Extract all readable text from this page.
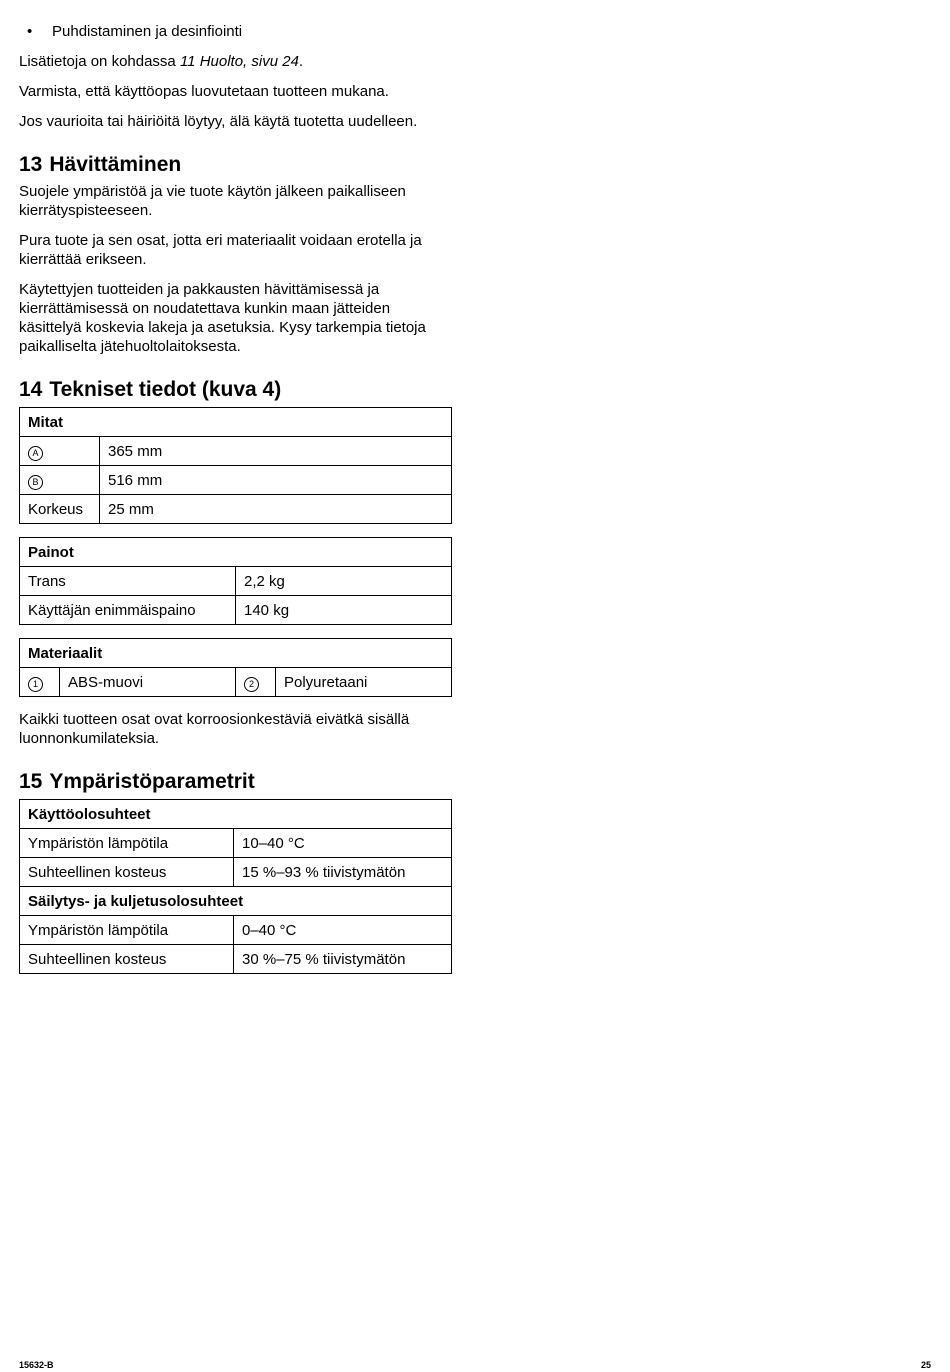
• Puhdistaminen ja desinfiointi

Lisätietoja on kohdassa 11 Huolto, sivu 24.

Varmista, että käyttöopas luovutetaan tuotteen mukana.

Jos vaurioita tai häiriöitä löytyy, älä käytä tuotetta uudelleen.

13 Hävittäminen

Suojele ympäristöä ja vie tuote käytön jälkeen paikalliseen kierrätyspisteeseen.

Pura tuote ja sen osat, jotta eri materiaalit voidaan erotella ja kierrättää erikseen.

Käytettyjen tuotteiden ja pakkausten hävittämisessä ja kierrättämisessä on noudatettava kunkin maan jätteiden käsittelyä koskevia lakeja ja asetuksia. Kysy tarkempia tietoja paikalliselta jätehuoltolaitoksesta.

14 Tekniset tiedot (kuva 4)
Mitat	
A	365 mm
B	516 mm
Korkeus	25 mm
Painot	
Trans	2,2 kg
Käyttäjän enimmäispaino	140 kg
Materiaalit
1	ABS-muovi	2	Polyuretaani

Kaikki tuotteen osat ovat korroosionkestäviä eivätkä sisällä luonnonkumilateksia.

15 Ympäristöparametrit
Käyttöolosuhteet	
Ympäristön lämpötila	10–40 °C
Suhteellinen kosteus	15 %–93 % tiivistymätön
Säilytys- ja kuljetusolosuhteet	
Ympäristön lämpötila	0–40 °C
Suhteellinen kosteus	30 %–75 % tiivistymätön
15632-B	25
